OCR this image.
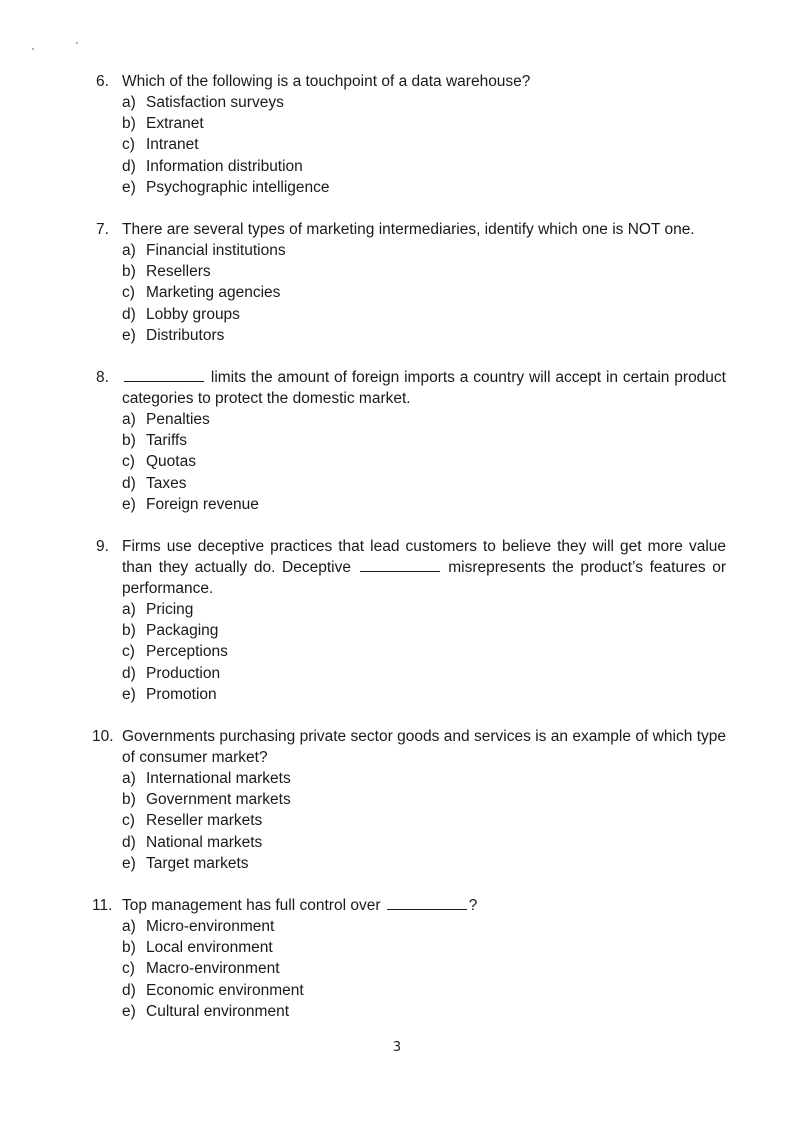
6. Which of the following is a touchpoint of a data warehouse?
a) Satisfaction surveys
b) Extranet
c) Intranet
d) Information distribution
e) Psychographic intelligence
7. There are several types of marketing intermediaries, identify which one is NOT one.
a) Financial institutions
b) Resellers
c) Marketing agencies
d) Lobby groups
e) Distributors
8.	limits the amount of foreign imports a country will accept in certain product categories to protect the domestic market.
a) Penalties
b) Tariffs
c) Quotas
d) Taxes
e) Foreign revenue
9. Firms use deceptive practices that lead customers to believe they will get more value than they actually do. Deceptive	misrepresents the product’s features or performance.
a) Pricing
b) Packaging
c) Perceptions
d) Production
e) Promotion
10. Governments purchasing private sector goods and services is an example of which type of consumer market?
a) International markets
b) Government markets
c) Reseller markets
d) National markets
e) Target markets
11. Top management has full control over	?
a) Micro-environment
b) Local environment
c) Macro-environment
d) Economic environment
e) Cultural environment
3
